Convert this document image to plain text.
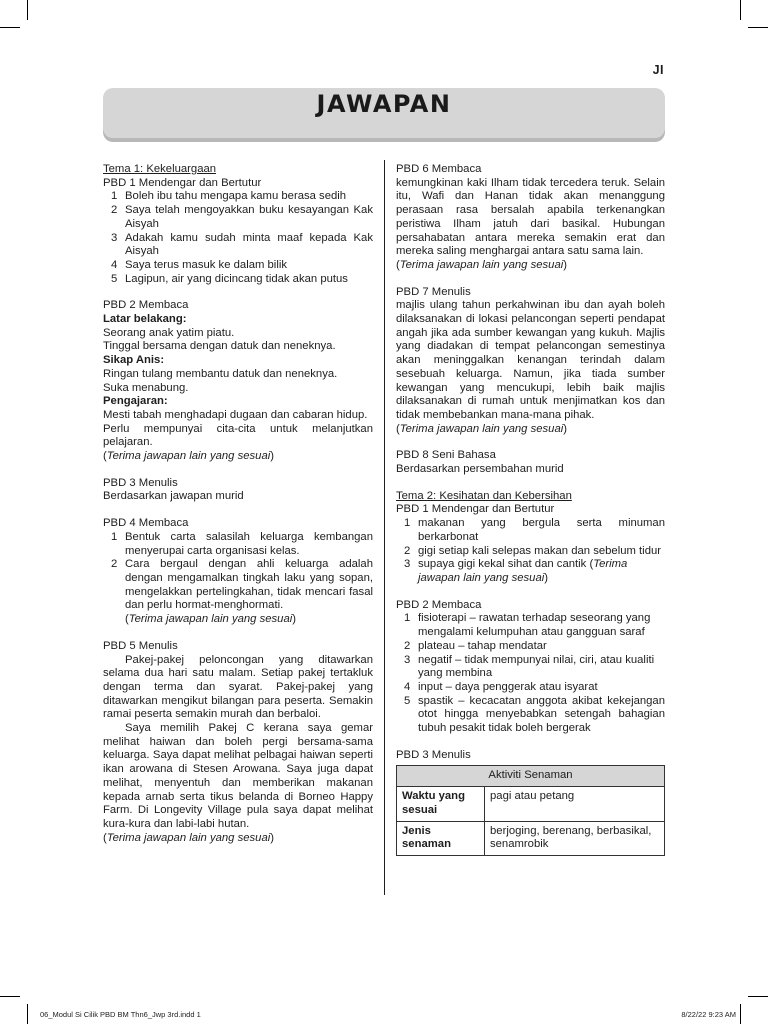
JI
JAWAPAN
Tema 1: Kekeluargaan
PBD 1 Mendengar dan Bertutur
1 Boleh ibu tahu mengapa kamu berasa sedih
2 Saya telah mengoyakkan buku kesayangan Kak Aisyah
3 Adakah kamu sudah minta maaf kepada Kak Aisyah
4 Saya terus masuk ke dalam bilik
5 Lagipun, air yang dicincang tidak akan putus
PBD 2 Membaca
Latar belakang:
Seorang anak yatim piatu.
Tinggal bersama dengan datuk dan neneknya.
Sikap Anis:
Ringan tulang membantu datuk dan neneknya.
Suka menabung.
Pengajaran:
Mesti tabah menghadapi dugaan dan cabaran hidup.
Perlu mempunyai cita-cita untuk melanjutkan pelajaran.
(Terima jawapan lain yang sesuai)
PBD 3 Menulis
Berdasarkan jawapan murid
PBD 4 Membaca
1 Bentuk carta salasilah keluarga kembangan menyerupai carta organisasi kelas.
2 Cara bergaul dengan ahli keluarga adalah dengan mengamalkan tingkah laku yang sopan, mengelakkan pertelingkahan, tidak mencari fasal dan perlu hormat-menghormati.
(Terima jawapan lain yang sesuai)
PBD 5 Menulis
Pakej-pakej peloncongan yang ditawarkan selama dua hari satu malam. Setiap pakej tertakluk dengan terma dan syarat. Pakej-pakej yang ditawarkan mengikut bilangan para peserta. Semakin ramai peserta semakin murah dan berbaloi.
Saya memilih Pakej C kerana saya gemar melihat haiwan dan boleh pergi bersama-sama keluarga. Saya dapat melihat pelbagai haiwan seperti ikan arowana di Stesen Arowana. Saya juga dapat melihat, menyentuh dan memberikan makanan kepada arnab serta tikus belanda di Borneo Happy Farm. Di Longevity Village pula saya dapat melihat kura-kura dan labi-labi hutan.
(Terima jawapan lain yang sesuai)
PBD 6 Membaca
kemungkinan kaki Ilham tidak tercedera teruk. Selain itu, Wafi dan Hanan tidak akan menanggung perasaan rasa bersalah apabila terkenangkan peristiwa Ilham jatuh dari basikal. Hubungan persahabatan antara mereka semakin erat dan mereka saling menghargai antara satu sama lain.
(Terima jawapan lain yang sesuai)
PBD 7 Menulis
majlis ulang tahun perkahwinan ibu dan ayah boleh dilaksanakan di lokasi pelancongan seperti pendapat angah jika ada sumber kewangan yang kukuh. Majlis yang diadakan di tempat pelancongan semestinya akan meninggalkan kenangan terindah dalam sesebuah keluarga. Namun, jika tiada sumber kewangan yang mencukupi, lebih baik majlis dilaksanakan di rumah untuk menjimatkan kos dan tidak membebankan mana-mana pihak.
(Terima jawapan lain yang sesuai)
PBD 8 Seni Bahasa
Berdasarkan persembahan murid
Tema 2: Kesihatan dan Kebersihan
PBD 1 Mendengar dan Bertutur
1 makanan yang bergula serta minuman berkarbonat
2 gigi setiap kali selepas makan dan sebelum tidur
3 supaya gigi kekal sihat dan cantik (Terima jawapan lain yang sesuai)
PBD 2 Membaca
1 fisioterapi – rawatan terhadap seseorang yang mengalami kelumpuhan atau gangguan saraf
2 plateau – tahap mendatar
3 negatif – tidak mempunyai nilai, ciri, atau kualiti yang membina
4 input – daya penggerak atau isyarat
5 spastik – kecacatan anggota akibat kekejangan otot hingga menyebabkan setengah bahagian tubuh pesakit tidak boleh bergerak
PBD 3 Menulis
Aktiviti Senaman	
Waktu yang sesuai	pagi atau petang
Jenis senaman	berjoging, berenang, berbasikal, senamrobik
06_Modul Si Cilik PBD BM Thn6_Jwp 3rd.indd 1	8/22/22 9:23 AM
